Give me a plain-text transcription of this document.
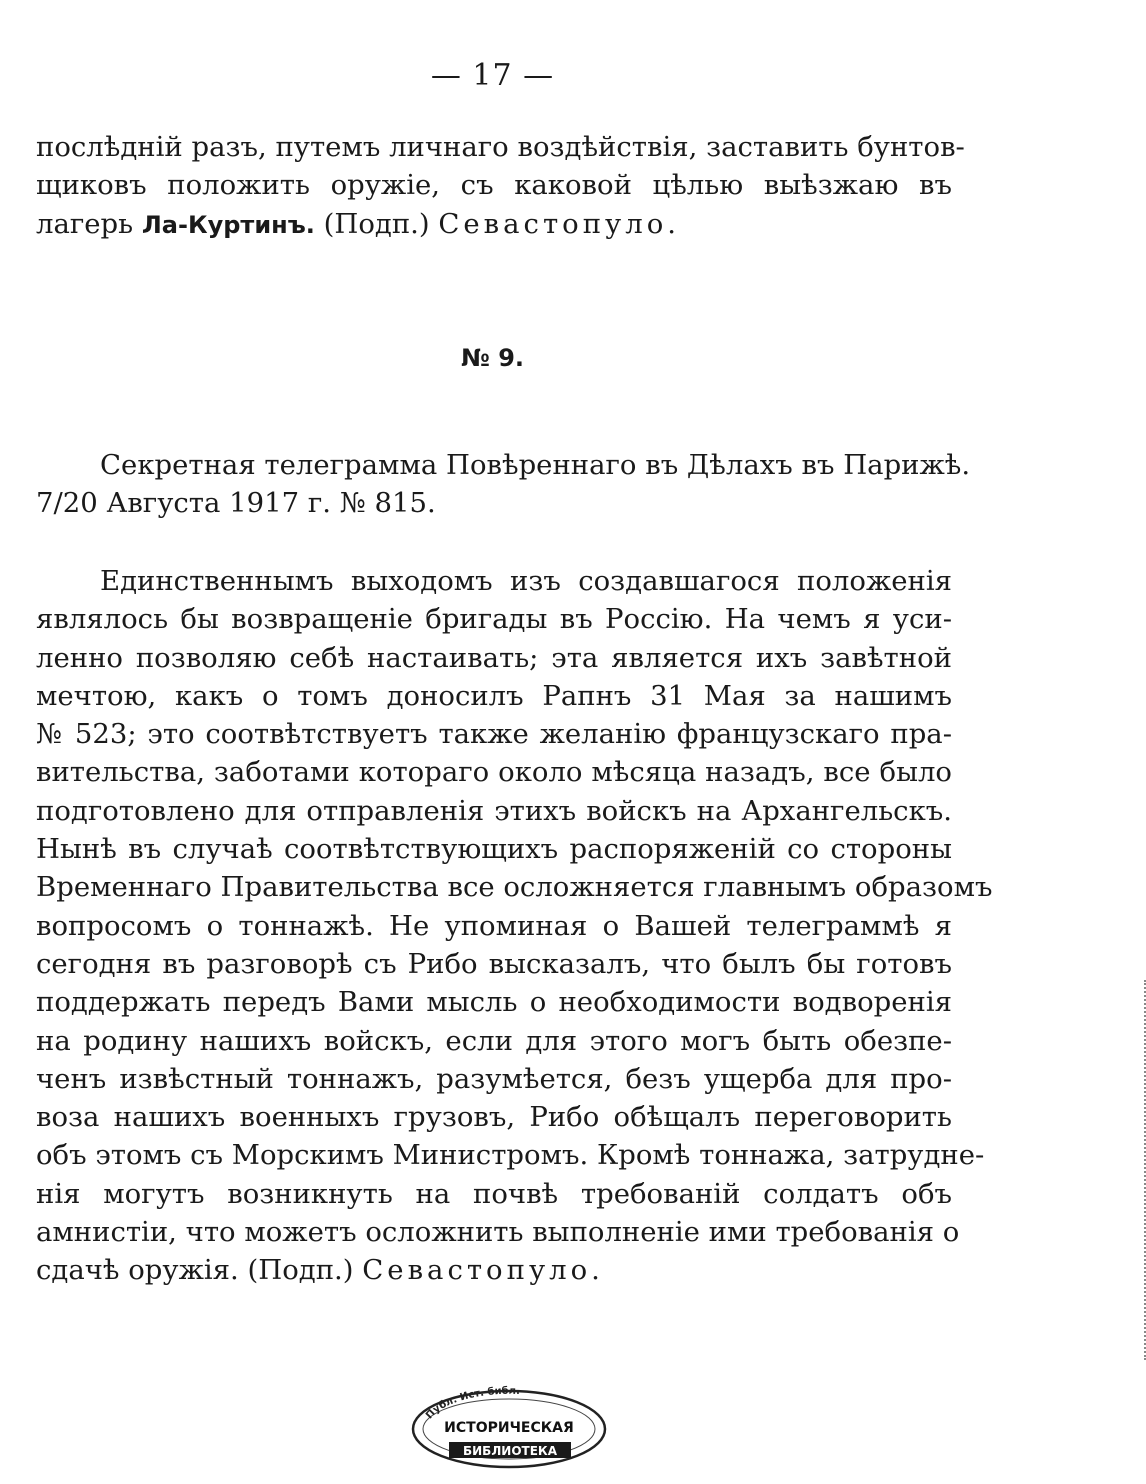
— 17 —
послѣдній разъ, путемъ личнаго воздѣйствія, заставить бунтов-
щиковъ положить оружіе, съ каковой цѣлью выѣзжаю въ
лагерь Ла-Куртинъ. (Подп.) Севастопуло.
№ 9.
Секретная телеграмма Повѣреннаго въ Дѣлахъ въ Парижѣ.
7/20 Августа 1917 г. № 815.
Единственнымъ выходомъ изъ создавшагося положенія
являлось бы возвращеніе бригады въ Россію. На чемъ я уси-
ленно позволяю себѣ настаивать; эта является ихъ завѣтной
мечтою, какъ о томъ доносилъ Рапнъ 31 Мая за нашимъ
№ 523; это соотвѣтствуетъ также желанію французскаго пра-
вительства, заботами котораго около мѣсяца назадъ, все было
подготовлено для отправленія этихъ войскъ на Архангельскъ.
Нынѣ въ случаѣ соотвѣтствующихъ распоряженій со стороны
Временнаго Правительства все осложняется главнымъ образомъ
вопросомъ о тоннажѣ. Не упоминая о Вашей телеграммѣ я
сегодня въ разговорѣ съ Рибо высказалъ, что былъ бы готовъ
поддержать передъ Вами мысль о необходимости водворенія
на родину нашихъ войскъ, если для этого могъ быть обезпе-
ченъ извѣстный тоннажъ, разумѣется, безъ ущерба для про-
воза нашихъ военныхъ грузовъ, Рибо обѣщалъ переговорить
объ этомъ съ Морскимъ Министромъ. Кромѣ тоннажа, затрудне-
нія могутъ возникнуть на почвѣ требованій солдатъ объ
амнистіи, что можетъ осложнить выполненіе ими требованія о
сдачѣ оружія. (Подп.) Севастопуло.
Публ. Ист. библ.
ИСТОРИЧЕСКАЯ
БИБЛИОТЕКА
